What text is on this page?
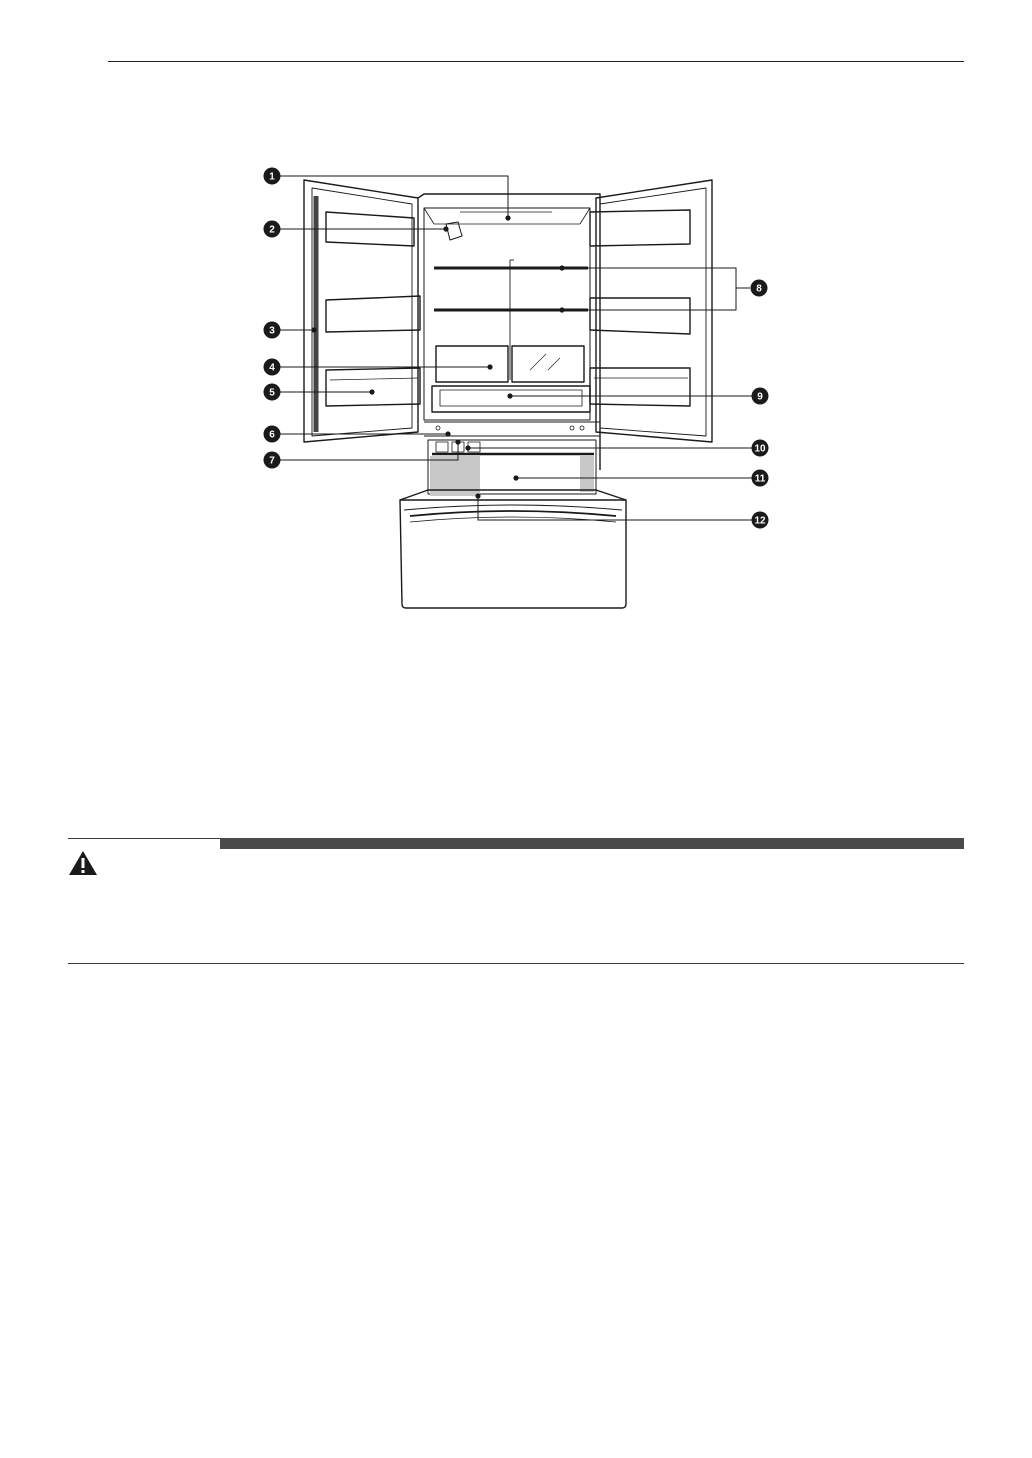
1
2
3
4
5
6
7
8
9
10
11
12
